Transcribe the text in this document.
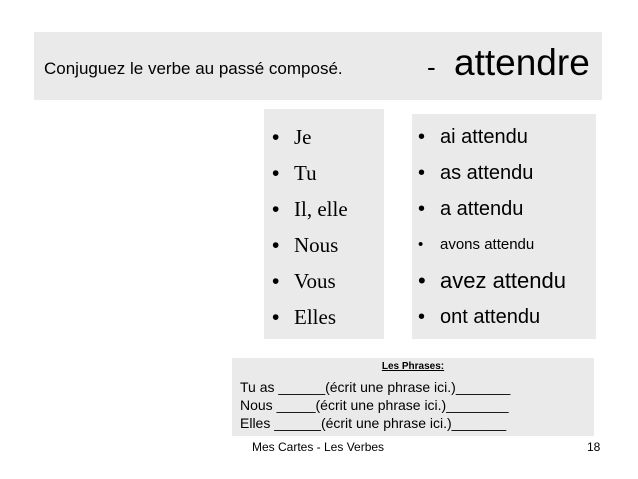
Conjuguez le verbe au passé composé.	- attendre
• Je
• Tu
• Il, elle
• Nous
• Vous
• Elles
• ai attendu
• as attendu
• a attendu
• avons attendu
• avez attendu
• ont attendu
Les Phrases:
Tu as ______(écrit une phrase ici.)_______
Nous _____(écrit une phrase ici.)________
Elles ______(écrit une phrase ici.)_______
Mes Cartes - Les Verbes	18
